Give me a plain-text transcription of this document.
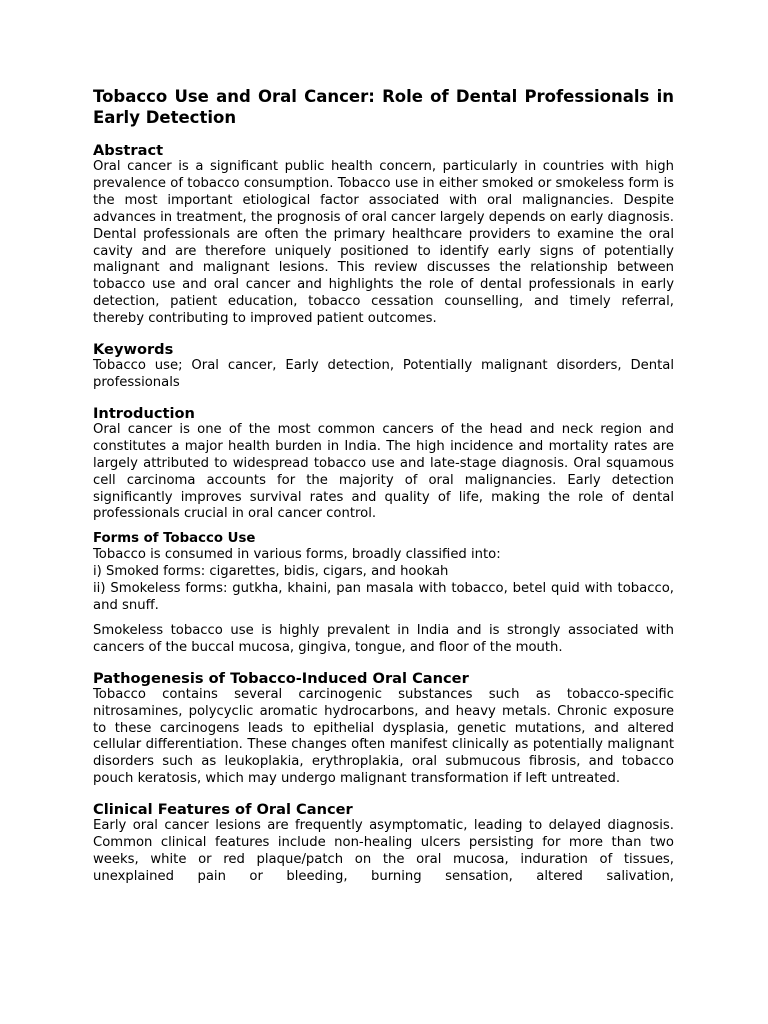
Tobacco Use and Oral Cancer: Role of Dental Professionals in Early Detection
Abstract
Oral cancer is a significant public health concern, particularly in countries with high prevalence of tobacco consumption. Tobacco use in either smoked or smokeless form is the most important etiological factor associated with oral malignancies. Despite advances in treatment, the prognosis of oral cancer largely depends on early diagnosis. Dental professionals are often the primary healthcare providers to examine the oral cavity and are therefore uniquely positioned to identify early signs of potentially malignant and malignant lesions. This review discusses the relationship between tobacco use and oral cancer and highlights the role of dental professionals in early detection, patient education, tobacco cessation counselling, and timely referral, thereby contributing to improved patient outcomes.
Keywords
Tobacco use; Oral cancer, Early detection, Potentially malignant disorders, Dental professionals
Introduction
Oral cancer is one of the most common cancers of the head and neck region and constitutes a major health burden in India. The high incidence and mortality rates are largely attributed to widespread tobacco use and late-stage diagnosis. Oral squamous cell carcinoma accounts for the majority of oral malignancies. Early detection significantly improves survival rates and quality of life, making the role of dental professionals crucial in oral cancer control.
Forms of Tobacco Use
Tobacco is consumed in various forms, broadly classified into:
i) Smoked forms: cigarettes, bidis, cigars, and hookah
ii) Smokeless forms: gutkha, khaini, pan masala with tobacco, betel quid with tobacco, and snuff.
Smokeless tobacco use is highly prevalent in India and is strongly associated with cancers of the buccal mucosa, gingiva, tongue, and floor of the mouth.
Pathogenesis of Tobacco-Induced Oral Cancer
Tobacco contains several carcinogenic substances such as tobacco-specific nitrosamines, polycyclic aromatic hydrocarbons, and heavy metals. Chronic exposure to these carcinogens leads to epithelial dysplasia, genetic mutations, and altered cellular differentiation. These changes often manifest clinically as potentially malignant disorders such as leukoplakia, erythroplakia, oral submucous fibrosis, and tobacco pouch keratosis, which may undergo malignant transformation if left untreated.
Clinical Features of Oral Cancer
Early oral cancer lesions are frequently asymptomatic, leading to delayed diagnosis. Common clinical features include non-healing ulcers persisting for more than two weeks, white or red plaque/patch on the oral mucosa, induration of tissues, unexplained pain or bleeding, burning sensation, altered salivation,
